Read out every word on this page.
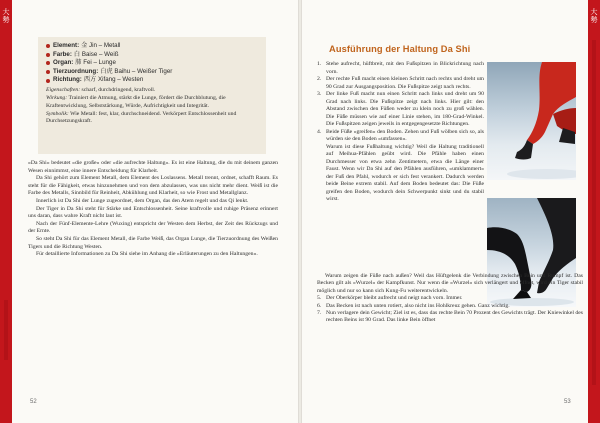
大
勢
Element: 金 Jin – Metall
Farbe: 白 Baise – Weiß
Organ: 肺 Fei – Lunge
Tierzuordnung: 白虎 Baihu – Weißer Tiger
Richtung: 西方 Xifang – Westen

Eigenschaften: scharf, durchdringend, kraftvoll.

Wirkung: Trainiert die Atmung, stärkt die Lunge, fördert die Durchblutung, die Kraftentwicklung, Selbststärkung, Würde, Aufrichtigkeit und Integrität.

Symbolik: Wie Metall: fest, klar, durchschneidend. Verkörpert Entschlossenheit und Durchsetzungskraft.

»Da Shi« bedeutet »die große« oder »die aufrechte Haltung«. Es ist eine Haltung, die du mit deinem ganzen Wesen einnimmst, eine innere Entscheidung für Klarheit.

Da Shi gehört zum Element Metall, dem Element des Loslassens. Metall trennt, ordnet, schafft Raum. Es steht für die Fähigkeit, etwas hinzunehmen und von dem abzulassen, was uns nicht mehr dient. Weiß ist die Farbe des Metalls, Sinnbild für Reinheit, Abkühlung und Klarheit, so wie Frost und Metallglanz.

Innerlich ist Da Shi der Lunge zugeordnet, dem Organ, das den Atem regelt und das Qi lenkt.

Der Tiger in Da Shi steht für Stärke und Entschlossenheit. Seine kraftvolle und ruhige Präsenz erinnert uns daran, dass wahre Kraft nicht laut ist.

Nach der Fünf-Elemente-Lehre (Wuxing) entspricht der Westen dem Herbst, der Zeit des Rückzugs und der Ernte.

So steht Da Shi für das Element Metall, die Farbe Weiß, das Organ Lunge, die Tierzuordnung des Weißen Tigers und die Richtung Westen.

Für detaillierte Informationen zu Da Shi siehe im Anhang die »Erläuterungen zu den Haltungen«.

52
大
勢
Ausführung der Haltung Da Shi
1. Stehe aufrecht, hüftbreit, mit den Fußspitzen in Blickrichtung nach vorn.
2. Der rechte Fuß macht einen kleinen Schritt nach rechts und dreht um 90 Grad zur Ausgangsposition. Die Fußspitze zeigt nach rechts.
3. Der linke Fuß macht nun einen Schritt nach links und dreht um 90 Grad nach links. Die Fußspitze zeigt nach links. Hier gilt: den Abstand zwischen den Füßen weder zu klein noch zu groß wählen. Die Füße müssen wie auf einer Linie stehen, im 180-Grad-Winkel. Die Fußspitzen zeigen jeweils in entgegengesetzte Richtungen.
4. Beide Füße »greifen« den Boden. Zehen und Fuß wölben sich so, als würden sie den Boden »umfassen«.
Warum ist diese Fußhaltung wichtig? Weil die Haltung traditionell auf Meihua-Pfählen geübt wird. Die Pfähle haben einen Durchmesser von etwa zehn Zentimetern, etwa die Länge einer Faust. Wenn wir Da Shi auf den Pfählen ausführen, »umklammert« der Fuß den Pfahl, wodurch er sich fest verankert. Dadurch werden beide Beine extrem stabil. Auf dem Boden bedeutet das: Die Füße greifen den Boden, wodurch dein Schwerpunkt sinkt und du stabil wirst.

Warum zeigen die Füße nach außen? Weil das Hüftgelenk die Verbindung zwischen Bein und Rumpf ist. Das Becken gilt als »Wurzel« der Kampfkunst. Nur wenn die »Wurzel« sich verlängert und öffnet, wird ein Tiger stabil möglich und nur so kann sich Kung-Fu weiterentwickeln.

5. Der Oberkörper bleibt aufrecht und neigt nach vorn. Immer.
6. Das Becken ist nach unten rotiert, also nicht ins Hohlkreuz gehen. Ganz wichtig.
7. Nun verlagere dein Gewicht; Ziel ist es, dass das rechte Bein 70 Prozent des Gewichts trägt. Der Kniewinkel des rechten Beins ist 90 Grad. Das linke Bein öffnet
53
